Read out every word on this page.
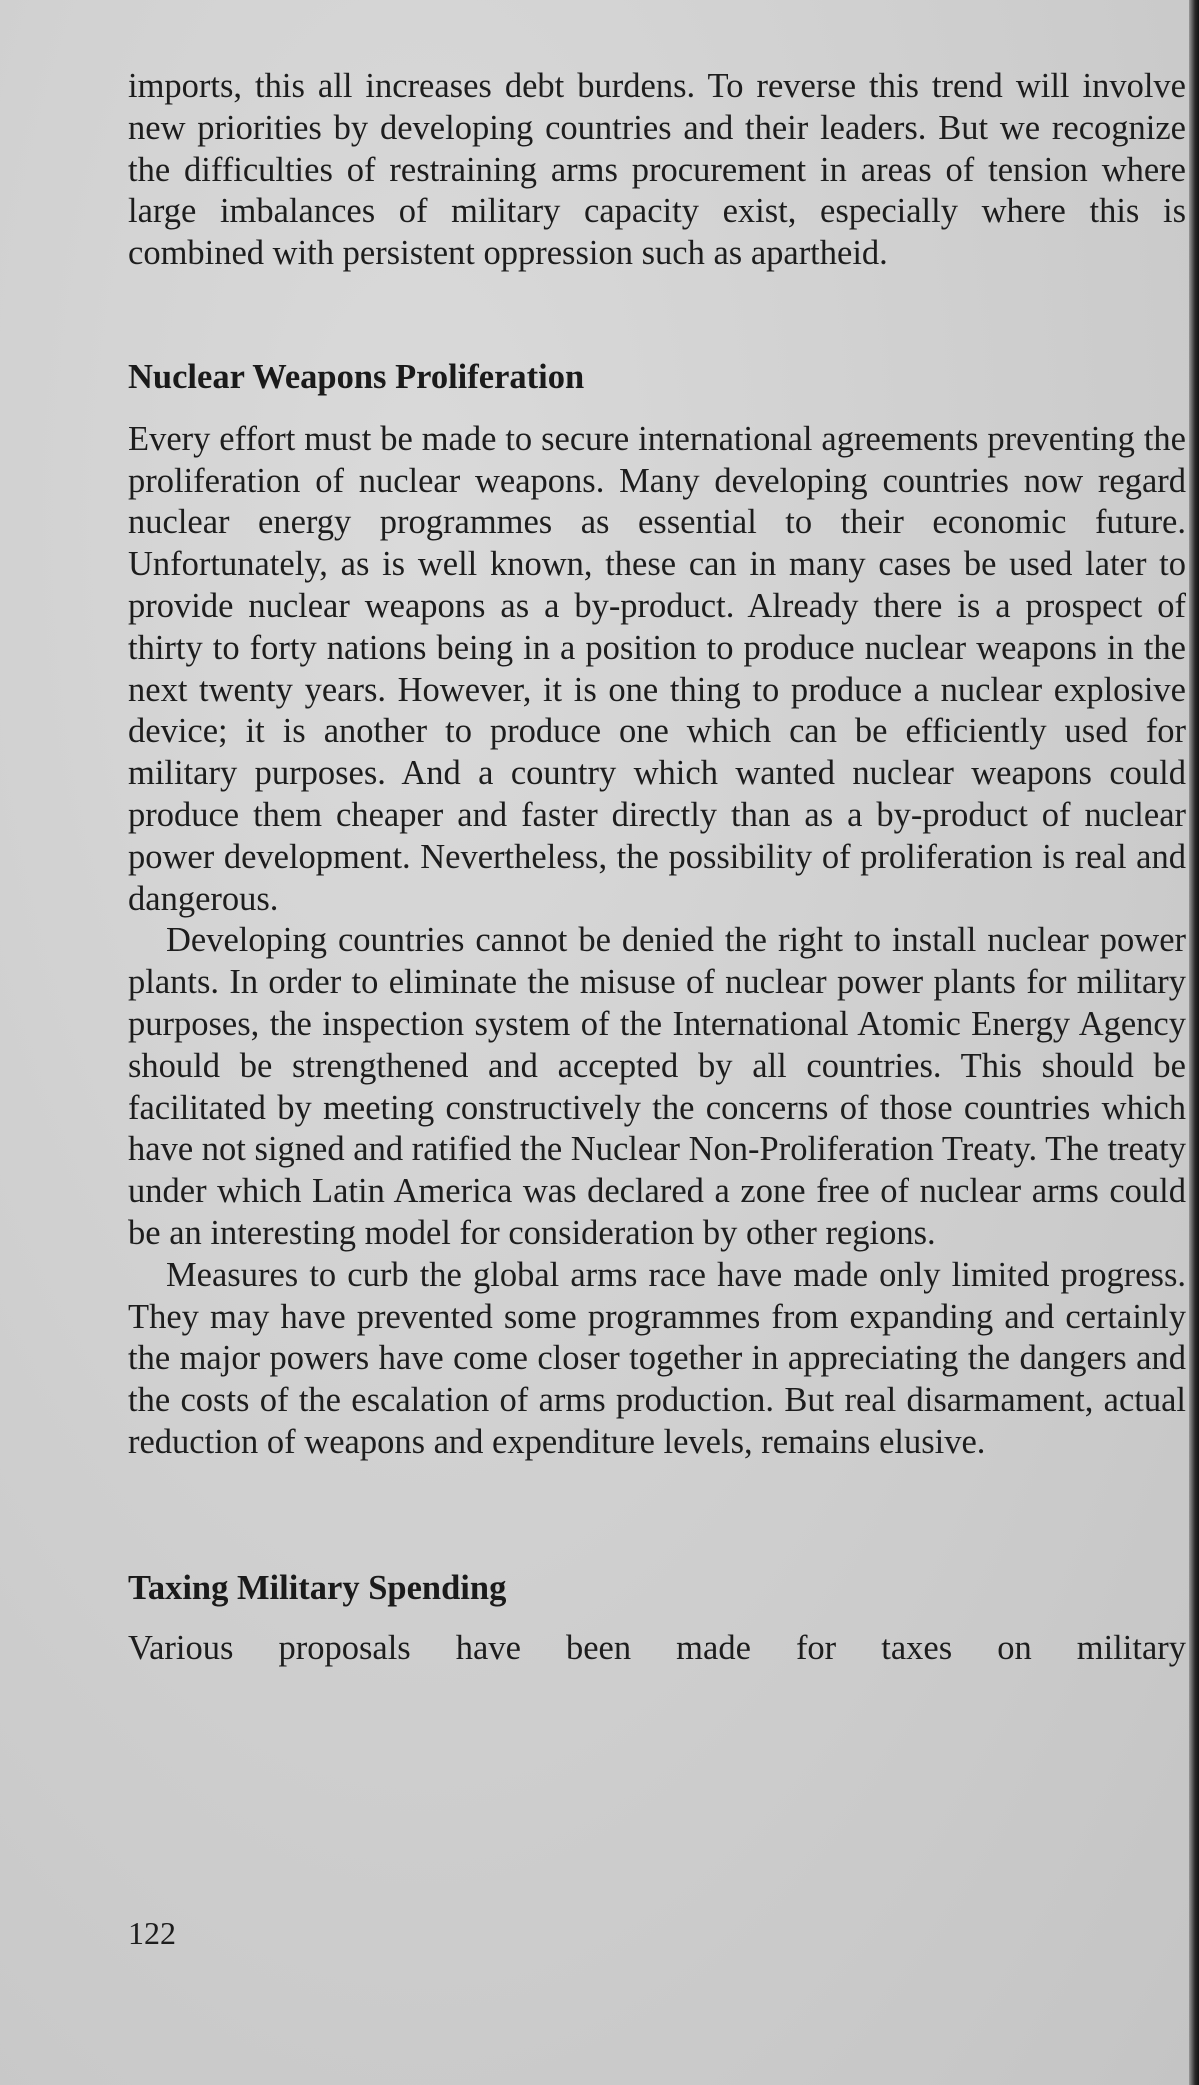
imports, this all increases debt burdens. To reverse this trend will involve new priorities by developing countries and their leaders. But we recognize the difficulties of restraining arms procurement in areas of tension where large imbalances of military capacity exist, especially where this is combined with persistent oppression such as apartheid.

Nuclear Weapons Proliferation

Every effort must be made to secure international agreements preventing the proliferation of nuclear weapons. Many developing countries now regard nuclear energy programmes as essential to their economic future. Unfortunately, as is well known, these can in many cases be used later to provide nuclear weapons as a by-product. Already there is a prospect of thirty to forty nations being in a position to produce nuclear weapons in the next twenty years. However, it is one thing to produce a nuclear explosive device; it is another to produce one which can be efficiently used for military purposes. And a country which wanted nuclear weapons could produce them cheaper and faster directly than as a by-product of nuclear power development. Nevertheless, the possibility of proliferation is real and dangerous.

Developing countries cannot be denied the right to install nuclear power plants. In order to eliminate the misuse of nuclear power plants for military purposes, the inspection system of the International Atomic Energy Agency should be strengthened and accepted by all countries. This should be facilitated by meeting constructively the concerns of those countries which have not signed and ratified the Nuclear Non-Proliferation Treaty. The treaty under which Latin America was declared a zone free of nuclear arms could be an interesting model for consideration by other regions.

Measures to curb the global arms race have made only limited progress. They may have prevented some programmes from expanding and certainly the major powers have come closer together in appreciating the dangers and the costs of the escalation of arms production. But real disarmament, actual reduction of weapons and expenditure levels, remains elusive.

Taxing Military Spending

Various proposals have been made for taxes on military

122
